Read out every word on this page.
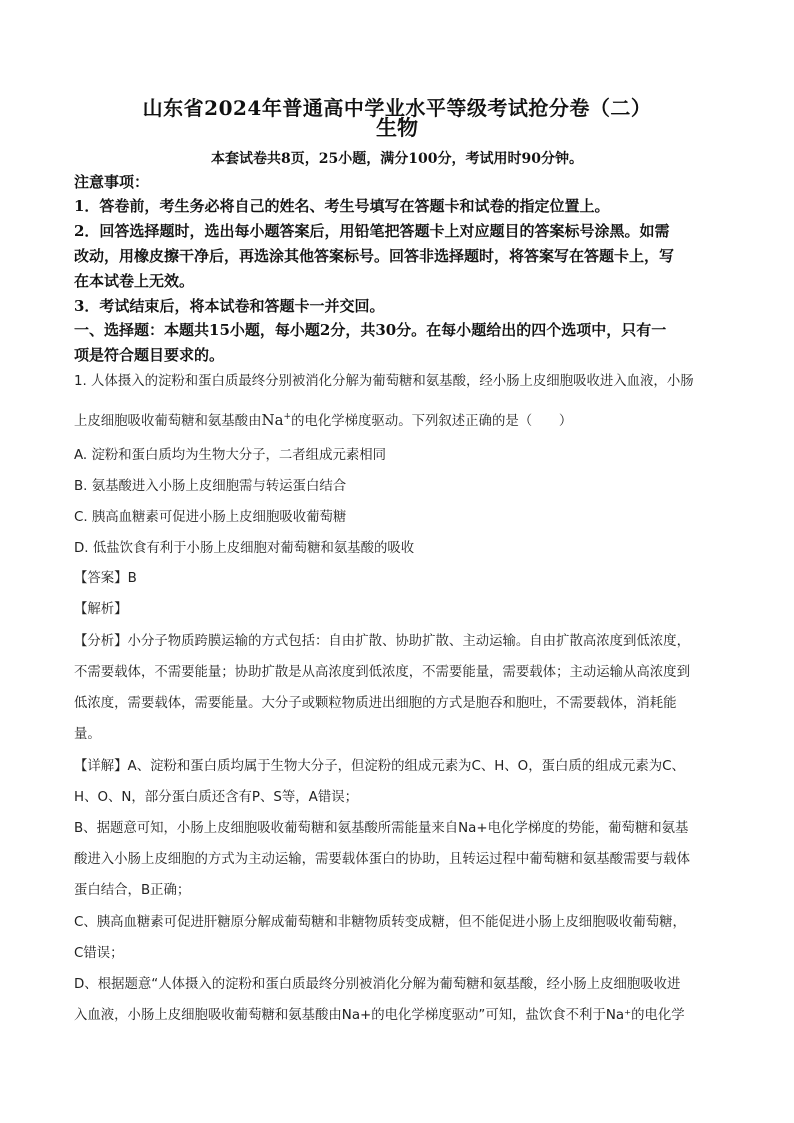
山东省2024年普通高中学业水平等级考试抢分卷（二）
生物
本套试卷共8页，25小题，满分100分，考试用时90分钟。
注意事项：
1．答卷前，考生务必将自己的姓名、考生号填写在答题卡和试卷的指定位置上。
2．回答选择题时，选出每小题答案后，用铅笔把答题卡上对应题目的答案标号涂黑。如需
改动，用橡皮擦干净后，再选涂其他答案标号。回答非选择题时，将答案写在答题卡上，写
在本试卷上无效。
3．考试结束后，将本试卷和答题卡一并交回。
一、选择题：本题共15小题，每小题2分，共30分。在每小题给出的四个选项中，只有一
项是符合题目要求的。
1. 人体摄入的淀粉和蛋白质最终分别被消化分解为葡萄糖和氨基酸，经小肠上皮细胞吸收进入血液，小肠
上皮细胞吸收葡萄糖和氨基酸由Na+的电化学梯度驱动。下列叙述正确的是（　　）
A. 淀粉和蛋白质均为生物大分子，二者组成元素相同
B. 氨基酸进入小肠上皮细胞需与转运蛋白结合
C. 胰高血糖素可促进小肠上皮细胞吸收葡萄糖
D. 低盐饮食有利于小肠上皮细胞对葡萄糖和氨基酸的吸收
【答案】B
【解析】
【分析】小分子物质跨膜运输的方式包括：自由扩散、协助扩散、主动运输。自由扩散高浓度到低浓度，
不需要载体，不需要能量；协助扩散是从高浓度到低浓度，不需要能量，需要载体；主动运输从高浓度到
低浓度，需要载体，需要能量。大分子或颗粒物质进出细胞的方式是胞吞和胞吐，不需要载体，消耗能
量。
【详解】A、淀粉和蛋白质均属于生物大分子，但淀粉的组成元素为C、H、O，蛋白质的组成元素为C、
H、O、N，部分蛋白质还含有P、S等，A错误；
B、据题意可知，小肠上皮细胞吸收葡萄糖和氨基酸所需能量来自Na+电化学梯度的势能，葡萄糖和氨基
酸进入小肠上皮细胞的方式为主动运输，需要载体蛋白的协助，且转运过程中葡萄糖和氨基酸需要与载体
蛋白结合，B正确；
C、胰高血糖素可促进肝糖原分解成葡萄糖和非糖物质转变成糖，但不能促进小肠上皮细胞吸收葡萄糖，
C错误；
D、根据题意“人体摄入的淀粉和蛋白质最终分别被消化分解为葡萄糖和氨基酸，经小肠上皮细胞吸收进
入血液，小肠上皮细胞吸收葡萄糖和氨基酸由Na+的电化学梯度驱动”可知，盐饮食不利于Na⁺的电化学
